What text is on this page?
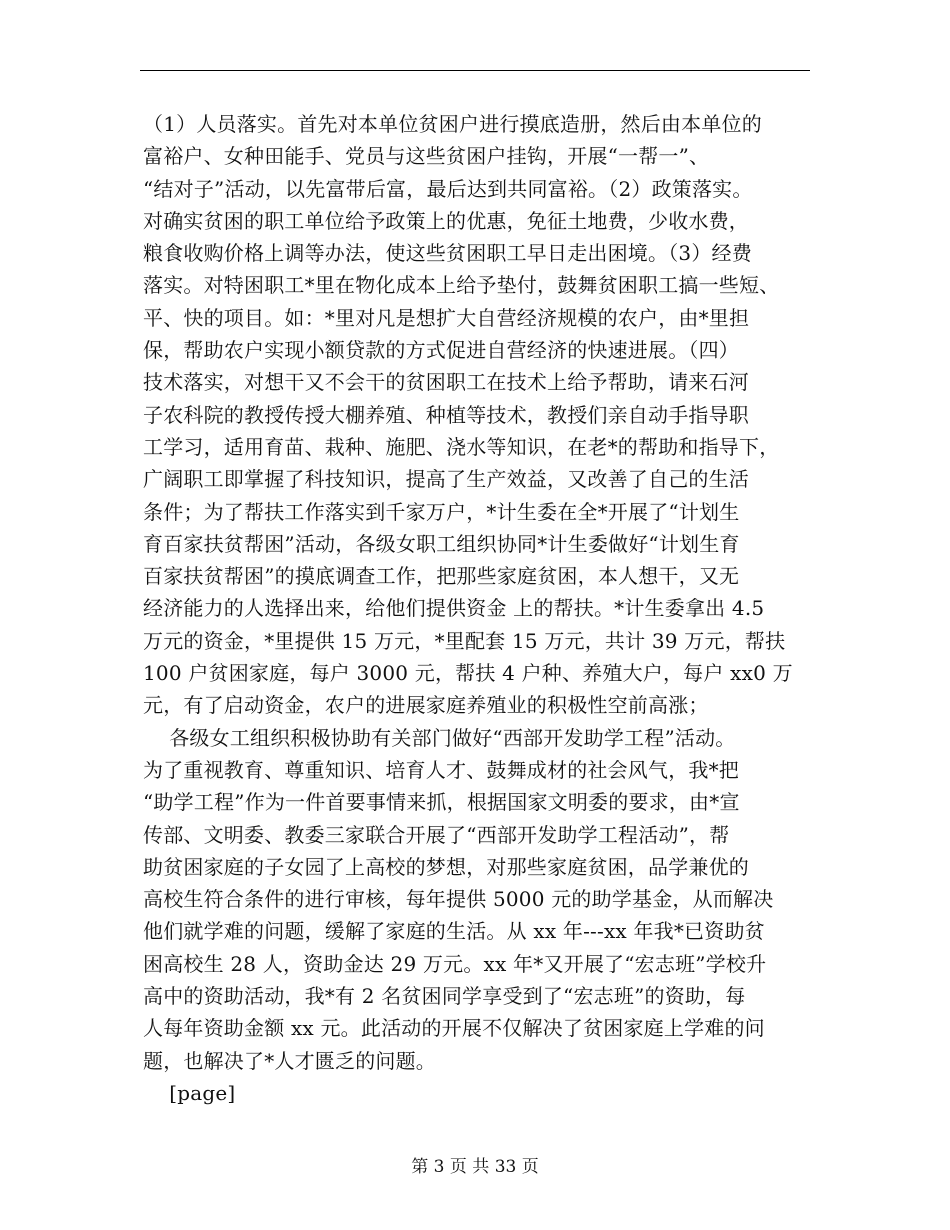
（1）人员落实。首先对本单位贫困户进行摸底造册，然后由本单位的
富裕户、女种田能手、党员与这些贫困户挂钩，开展“一帮一”、
“结对子”活动，以先富带后富，最后达到共同富裕。（2）政策落实。
对确实贫困的职工单位给予政策上的优惠，免征土地费，少收水费，
粮食收购价格上调等办法，使这些贫困职工早日走出困境。（3）经费
落实。对特困职工*里在物化成本上给予垫付，鼓舞贫困职工搞一些短、
平、快的项目。如：*里对凡是想扩大自营经济规模的农户，由*里担
保，帮助农户实现小额贷款的方式促进自营经济的快速进展。（四）
技术落实，对想干又不会干的贫困职工在技术上给予帮助，请来石河
子农科院的教授传授大棚养殖、种植等技术，教授们亲自动手指导职
工学习，适用育苗、栽种、施肥、浇水等知识，在老*的帮助和指导下，
广阔职工即掌握了科技知识，提高了生产效益，又改善了自己的生活
条件；为了帮扶工作落实到千家万户，*计生委在全*开展了“计划生
育百家扶贫帮困”活动，各级女职工组织协同*计生委做好“计划生育
百家扶贫帮困”的摸底调查工作，把那些家庭贫困，本人想干，又无
经济能力的人选择出来，给他们提供资金 上的帮扶。*计生委拿出 4.5
万元的资金，*里提供 15 万元，*里配套 15 万元，共计 39 万元，帮扶
100 户贫困家庭，每户 3000 元，帮扶 4 户种、养殖大户，每户 xx0 万
元，有了启动资金，农户的进展家庭养殖业的积极性空前高涨；
各级女工组织积极协助有关部门做好“西部开发助学工程”活动。
为了重视教育、尊重知识、培育人才、鼓舞成材的社会风气，我*把
“助学工程”作为一件首要事情来抓，根据国家文明委的要求，由*宣
传部、文明委、教委三家联合开展了“西部开发助学工程活动”，帮
助贫困家庭的子女园了上高校的梦想，对那些家庭贫困，品学兼优的
高校生符合条件的进行审核，每年提供 5000 元的助学基金，从而解决
他们就学难的问题，缓解了家庭的生活。从 xx 年---xx 年我*已资助贫
困高校生 28 人，资助金达 29 万元。xx 年*又开展了“宏志班”学校升
高中的资助活动，我*有 2 名贫困同学享受到了“宏志班”的资助，每
人每年资助金额 xx 元。此活动的开展不仅解决了贫困家庭上学难的问
题，也解决了*人才匮乏的问题。
[page]
第 3 页 共 33 页
